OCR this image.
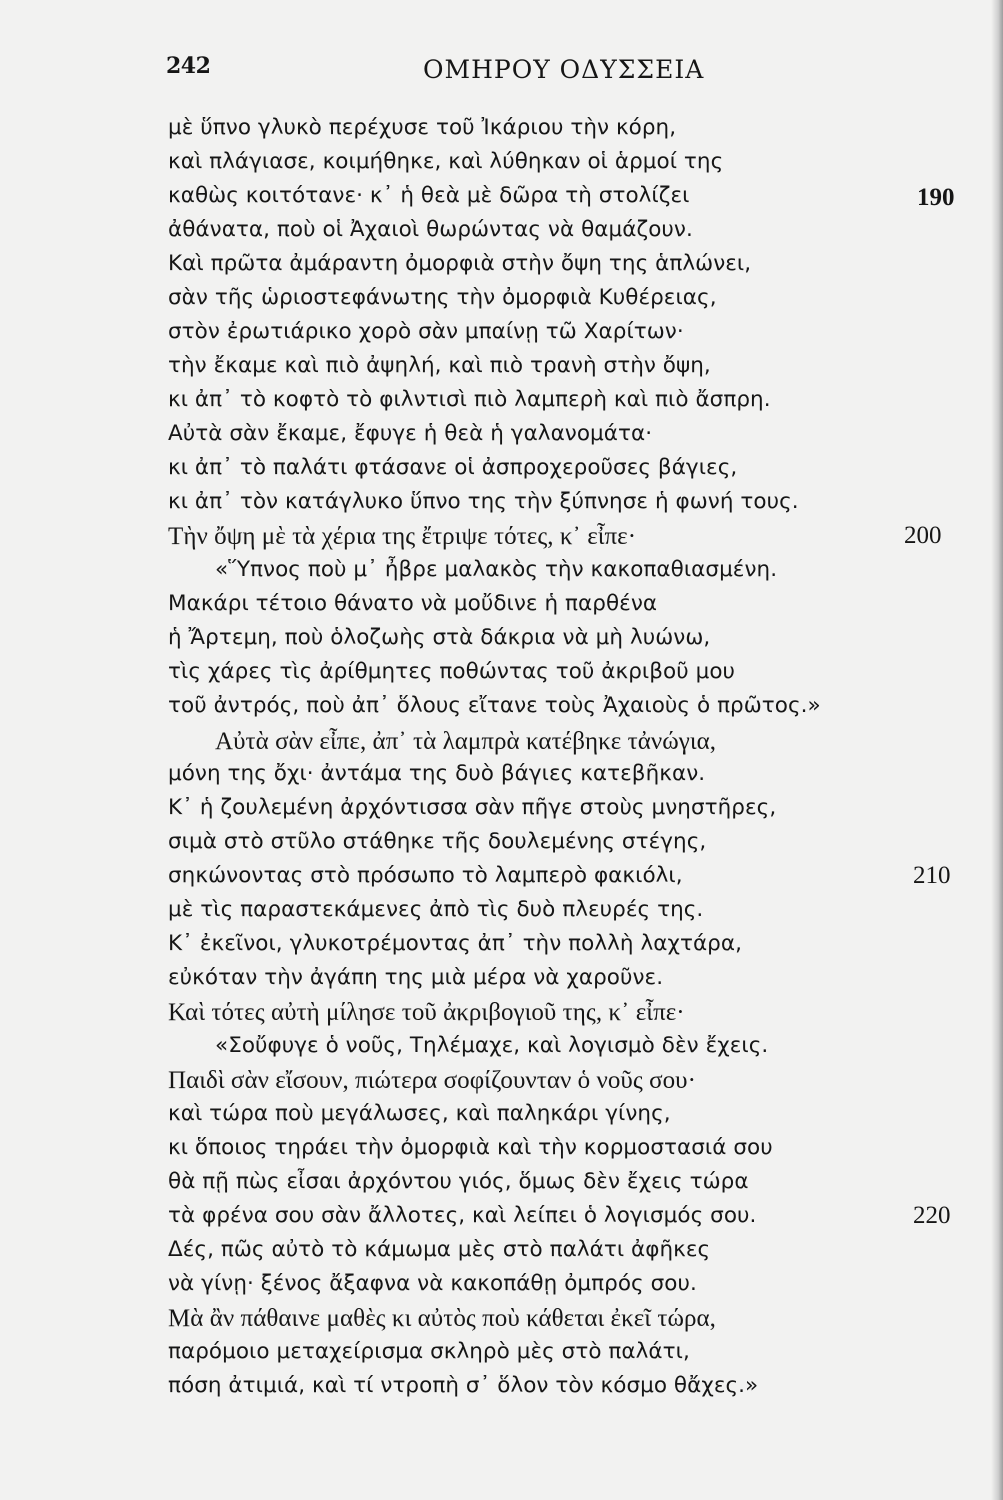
242	ΟΜΗΡΟΥ ΟΔΥΣΣΕΙΑ
μὲ ὕπνο γλυκὸ περέχυσε τοῦ Ἰκάριου τὴν κόρη,
καὶ πλάγιασε, κοιμήθηκε, καὶ λύθηκαν οἱ ἁρμοί της
καθὼς κοιτότανε· κ᾿ ἡ θεὰ μὲ δῶρα τὴ στολίζει
ἀθάνατα, ποὺ οἱ Ἀχαιοὶ θωρώντας νὰ θαμάζουν.
Καὶ πρῶτα ἀμάραντη ὀμορφιὰ στὴν ὄψη της ἁπλώνει,
σὰν τῆς ὡριοστεφάνωτης τὴν ὀμορφιὰ Κυθέρειας,
στὸν ἐρωτιάρικο χορὸ σὰν μπαίνῃ τῶ Χαρίτων·
τὴν ἔκαμε καὶ πιὸ ἀψηλή, καὶ πιὸ τρανὴ στὴν ὄψη,
κι ἀπ᾿ τὸ κοφτὸ τὸ φιλντισὶ πιὸ λαμπερὴ καὶ πιὸ ἄσπρη.
Αὐτὰ σὰν ἔκαμε, ἔφυγε ἡ θεὰ ἡ γαλανομάτα·
κι ἀπ᾿ τὸ παλάτι φτάσανε οἱ ἀσπροχεροῦσες βάγιες,
κι ἀπ᾿ τὸν κατάγλυκο ὕπνο της τὴν ξύπνησε ἡ φωνή τους.
Τὴν ὄψη μὲ τὰ χέρια της ἔτριψε τότες, κ᾿ εἶπε·
«Ὕπνος ποὺ μ᾿ ἦβρε μαλακὸς τὴν κακοπαθιασμένη.
Μακάρι τέτοιο θάνατο νὰ μοὔδινε ἡ παρθένα
ἡ Ἄρτεμη, ποὺ ὁλοζωὴς στὰ δάκρια νὰ μὴ λυώνω,
τὶς χάρες τὶς ἀρίθμητες ποθώντας τοῦ ἀκριβοῦ μου
τοῦ ἀντρός, ποὺ ἀπ᾿ ὅλους εἴτανε τοὺς Ἀχαιοὺς ὁ πρῶτος.»
Αὐτὰ σὰν εἶπε, ἀπ᾿ τὰ λαμπρὰ κατέβηκε τἀνώγια,
μόνη της ὄχι· ἀντάμα της δυὸ βάγιες κατεβῆκαν.
Κ᾿ ἡ ζουλεμένη ἀρχόντισσα σὰν πῆγε στοὺς μνηστῆρες,
σιμὰ στὸ στῦλο στάθηκε τῆς δουλεμένης στέγης,
σηκώνοντας στὸ πρόσωπο τὸ λαμπερὸ φακιόλι,
μὲ τὶς παραστεκάμενες ἀπὸ τὶς δυὸ πλευρές της.
Κ᾿ ἐκεῖνοι, γλυκοτρέμοντας ἀπ᾿ τὴν πολλὴ λαχτάρα,
εὐκόταν τὴν ἀγάπη της μιὰ μέρα νὰ χαροῦνε.
Καὶ τότες αὐτὴ μίλησε τοῦ ἀκριβογιοῦ της, κ᾿ εἶπε·
«Σοὔφυγε ὁ νοῦς, Τηλέμαχε, καὶ λογισμὸ δὲν ἔχεις.
Παιδὶ σὰν εἴσουν, πιώτερα σοφίζουνταν ὁ νοῦς σου·
καὶ τώρα ποὺ μεγάλωσες, καὶ παληκάρι γίνης,
κι ὅποιος τηράει τὴν ὀμορφιὰ καὶ τὴν κορμοστασιά σου
θὰ πῇ πὼς εἶσαι ἀρχόντου γιός, ὅμως δὲν ἔχεις τώρα
τὰ φρένα σου σὰν ἄλλοτες, καὶ λείπει ὁ λογισμός σου.
Δές, πῶς αὐτὸ τὸ κάμωμα μὲς στὸ παλάτι ἀφῆκες
νὰ γίνῃ· ξένος ἄξαφνα νὰ κακοπάθῃ ὀμπρός σου.
Μὰ ἂν πάθαινε μαθὲς κι αὐτὸς ποὺ κάθεται ἐκεῖ τώρα,
παρόμοιο μεταχείρισμα σκληρὸ μὲς στὸ παλάτι,
πόση ἀτιμιά, καὶ τί ντροπὴ σ᾿ ὅλον τὸν κόσμο θἄχες.»
190
200
210
220
